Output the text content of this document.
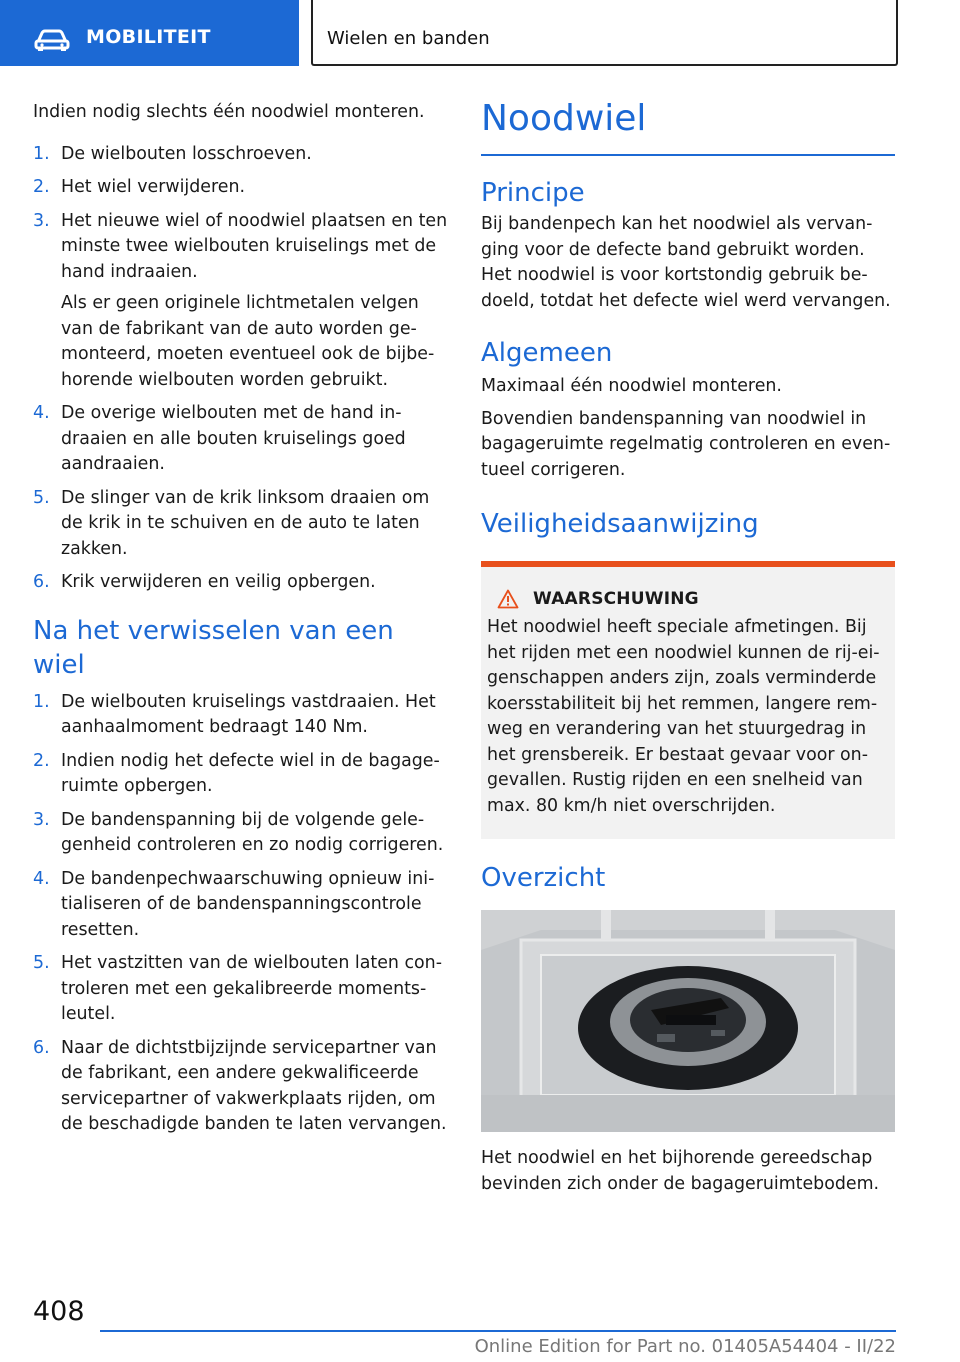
MOBILITEIT	Wielen en banden

Indien nodig slechts één noodwiel monteren.

1. De wielbouten losschroeven.
2. Het wiel verwijderen.
3. Het nieuwe wiel of noodwiel plaatsen en ten minste twee wielbouten kruiselings met de hand indraaien.
Als er geen originele lichtmetalen velgen van de fabrikant van de auto worden gemonteerd, moeten eventueel ook de bijbehorende wielbouten worden gebruikt.
4. De overige wielbouten met de hand indraaien en alle bouten kruiselings goed aandraaien.
5. De slinger van de krik linksom draaien om de krik in te schuiven en de auto te laten zakken.
6. Krik verwijderen en veilig opbergen.
Na het verwisselen van een wiel
1. De wielbouten kruiselings vastdraaien. Het aanhaalmoment bedraagt 140 Nm.
2. Indien nodig het defecte wiel in de bagageruimte opbergen.
3. De bandenspanning bij de volgende gelegenheid controleren en zo nodig corrigeren.
4. De bandenpechwaarschuwing opnieuw initialiseren of de bandenspanningscontrole resetten.
5. Het vastzitten van de wielbouten laten controleren met een gekalibreerde momentsleutel.
6. Naar de dichtstbijzijnde servicepartner van de fabrikant, een andere gekwalificeerde servicepartner of vakwerkplaats rijden, om de beschadigde banden te laten vervangen.
Noodwiel
Principe

Bij bandenpech kan het noodwiel als vervanging voor de defecte band gebruikt worden. Het noodwiel is voor kortstondig gebruik bedoeld, totdat het defecte wiel werd vervangen.

Algemeen

Maximaal één noodwiel monteren.

Bovendien bandenspanning van noodwiel in bagageruimte regelmatig controleren en eventueel corrigeren.

Veiligheidsaanwijzing
WAARSCHUWING
Het noodwiel heeft speciale afmetingen. Bij het rijden met een noodwiel kunnen de rij-eigenschappen anders zijn, zoals verminderde koersstabiliteit bij het remmen, langere remweg en verandering van het stuurgedrag in het grensbereik. Er bestaat gevaar voor ongevallen. Rustig rijden en een snelheid van max. 80 km/h niet overschrijden.
Overzicht

Het noodwiel en het bijhorende gereedschap bevinden zich onder de bagageruimtebodem.

408
Online Edition for Part no. 01405A54404 - II/22
